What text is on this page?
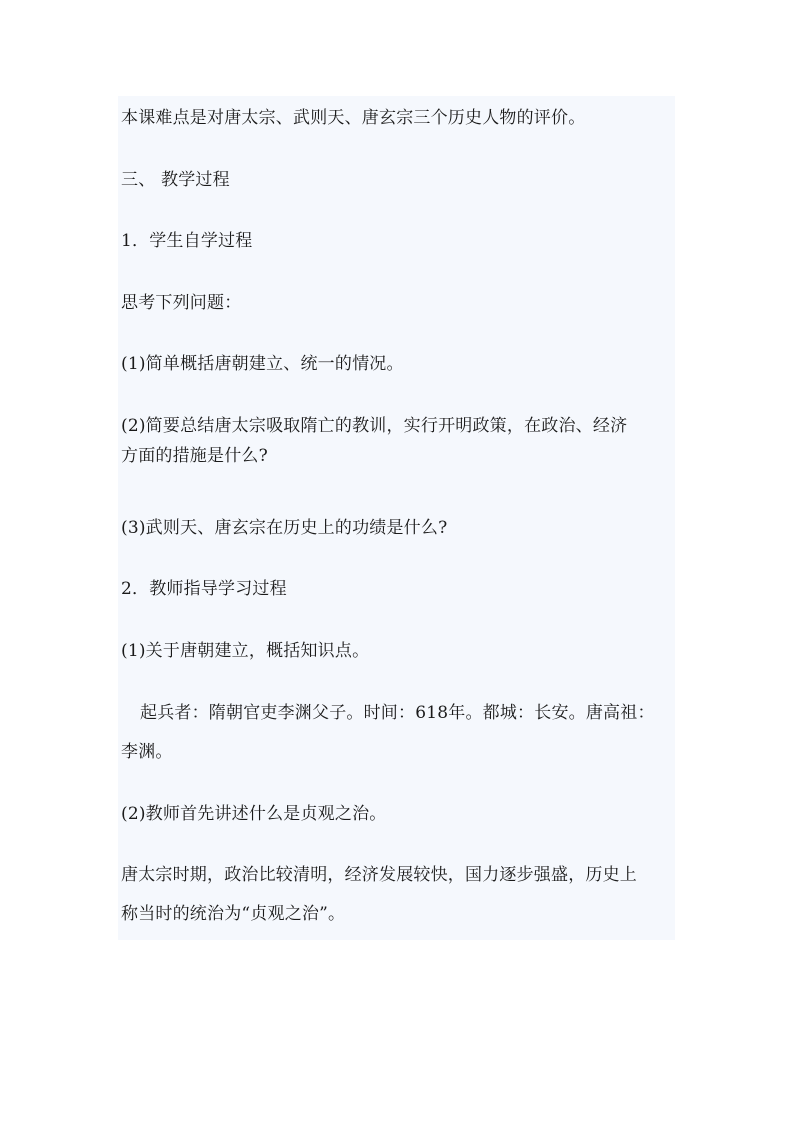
本课难点是对唐太宗、武则天、唐玄宗三个历史人物的评价。
三、 教学过程
1．学生自学过程
思考下列问题：
(1)简单概括唐朝建立、统一的情况。
(2)简要总结唐太宗吸取隋亡的教训，实行开明政策，在政治、经济
方面的措施是什么?
(3)武则天、唐玄宗在历史上的功绩是什么?
2．教师指导学习过程
(1)关于唐朝建立，概括知识点。
起兵者：隋朝官吏李渊父子。时间：618年。都城：长安。唐高祖：
李渊。
(2)教师首先讲述什么是贞观之治。
唐太宗时期，政治比较清明，经济发展较快，国力逐步强盛，历史上
称当时的统治为“贞观之治”。
